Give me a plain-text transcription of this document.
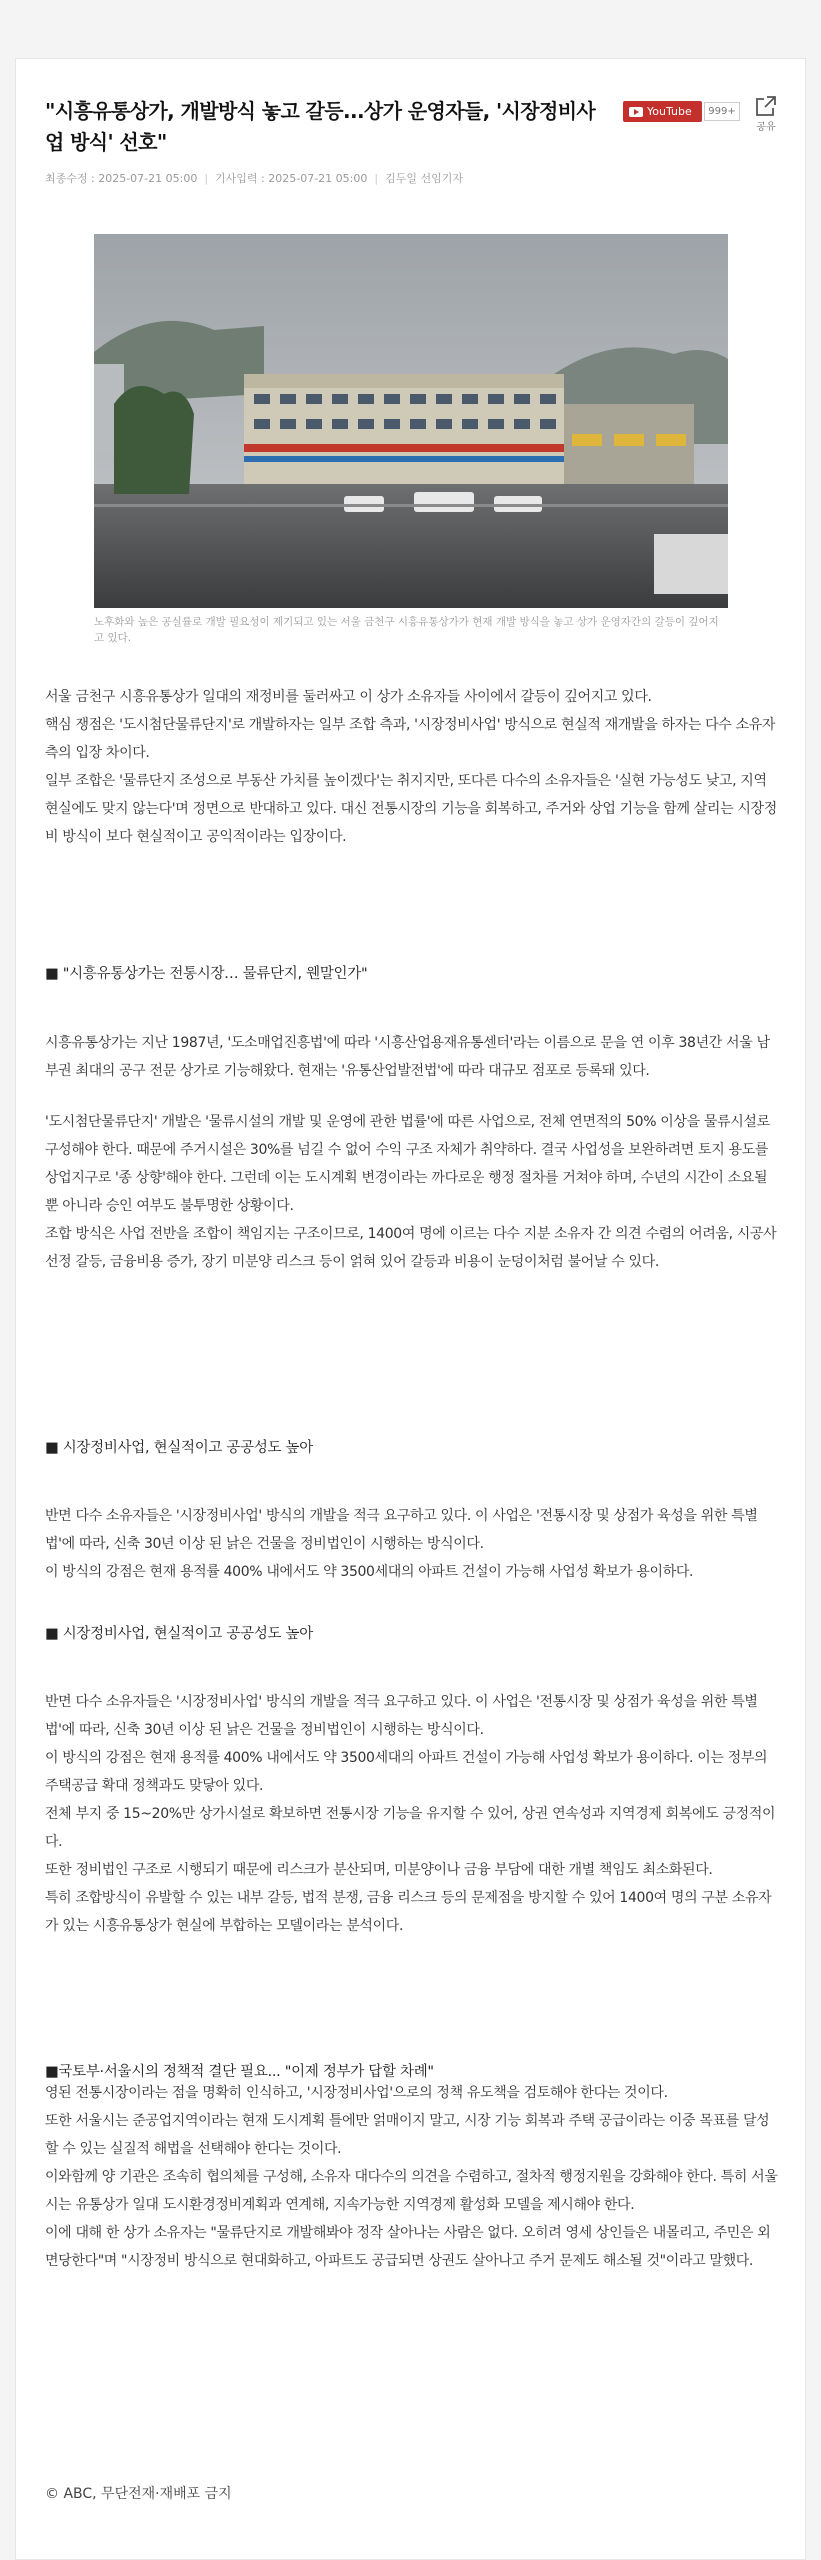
"시흥유통상가, 개발방식 놓고 갈등...상가 운영자들, '시장정비사업 방식' 선호"
최종수정 : 2025-07-21 05:00 | 기사입력 : 2025-07-21 05:00 | 김두일 선임기자
YouTube	999+
공유
노후화와 높은 공실률로 개발 필요성이 제기되고 있는 서울 금천구 시흥유통상가가 현재 개발 방식을 놓고 상가 운영자간의 갈등이 깊어지고 있다.

서울 금천구 시흥유통상가 일대의 재정비를 둘러싸고 이 상가 소유자들 사이에서 갈등이 깊어지고 있다.

핵심 쟁점은 '도시첨단물류단지'로 개발하자는 일부 조합 측과, '시장정비사업' 방식으로 현실적 재개발을 하자는 다수 소유자 측의 입장 차이다.

일부 조합은 '물류단지 조성으로 부동산 가치를 높이겠다'는 취지지만, 또다른 다수의 소유자들은 '실현 가능성도 낮고, 지역 현실에도 맞지 않는다'며 정면으로 반대하고 있다. 대신 전통시장의 기능을 회복하고, 주거와 상업 기능을 함께 살리는 시장정비 방식이 보다 현실적이고 공익적이라는 입장이다.

■ "시흥유통상가는 전통시장… 물류단지, 웬말인가"

시흥유통상가는 지난 1987년, '도소매업진흥법'에 따라 '시흥산업용재유통센터'라는 이름으로 문을 연 이후 38년간 서울 남부권 최대의 공구 전문 상가로 기능해왔다. 현재는 '유통산업발전법'에 따라 대규모 점포로 등록돼 있다.

'도시첨단물류단지' 개발은 '물류시설의 개발 및 운영에 관한 법률'에 따른 사업으로, 전체 연면적의 50% 이상을 물류시설로 구성해야 한다. 때문에 주거시설은 30%를 넘길 수 없어 수익 구조 자체가 취약하다. 결국 사업성을 보완하려면 토지 용도를 상업지구로 '종 상향'해야 한다. 그런데 이는 도시계획 변경이라는 까다로운 행정 절차를 거쳐야 하며, 수년의 시간이 소요될 뿐 아니라 승인 여부도 불투명한 상황이다.

조합 방식은 사업 전반을 조합이 책임지는 구조이므로, 1400여 명에 이르는 다수 지분 소유자 간 의견 수렴의 어려움, 시공사 선정 갈등, 금융비용 증가, 장기 미분양 리스크 등이 얽혀 있어 갈등과 비용이 눈덩이처럼 불어날 수 있다.

■ 시장정비사업, 현실적이고 공공성도 높아

반면 다수 소유자들은 '시장정비사업' 방식의 개발을 적극 요구하고 있다. 이 사업은 '전통시장 및 상점가 육성을 위한 특별법'에 따라, 신축 30년 이상 된 낡은 건물을 정비법인이 시행하는 방식이다.

이 방식의 강점은 현재 용적률 400% 내에서도 약 3500세대의 아파트 건설이 가능해 사업성 확보가 용이하다.

■ 시장정비사업, 현실적이고 공공성도 높아

반면 다수 소유자들은 '시장정비사업' 방식의 개발을 적극 요구하고 있다. 이 사업은 '전통시장 및 상점가 육성을 위한 특별법'에 따라, 신축 30년 이상 된 낡은 건물을 정비법인이 시행하는 방식이다.

이 방식의 강점은 현재 용적률 400% 내에서도 약 3500세대의 아파트 건설이 가능해 사업성 확보가 용이하다. 이는 정부의 주택공급 확대 정책과도 맞닿아 있다.

전체 부지 중 15~20%만 상가시설로 확보하면 전통시장 기능을 유지할 수 있어, 상권 연속성과 지역경제 회복에도 긍정적이다.

또한 정비법인 구조로 시행되기 때문에 리스크가 분산되며, 미분양이나 금융 부담에 대한 개별 책임도 최소화된다.

특히 조합방식이 유발할 수 있는 내부 갈등, 법적 분쟁, 금융 리스크 등의 문제점을 방지할 수 있어 1400여 명의 구분 소유자가 있는 시흥유통상가 현실에 부합하는 모델이라는 분석이다.

■국토부·서울시의 정책적 결단 필요... "이제 정부가 답할 차례"

영된 전통시장이라는 점을 명확히 인식하고, '시장정비사업'으로의 정책 유도책을 검토해야 한다는 것이다.

또한 서울시는 준공업지역이라는 현재 도시계획 틀에만 얽매이지 말고, 시장 기능 회복과 주택 공급이라는 이중 목표를 달성할 수 있는 실질적 해법을 선택해야 한다는 것이다.

이와함께 양 기관은 조속히 협의체를 구성해, 소유자 대다수의 의견을 수렴하고, 절차적 행정지원을 강화해야 한다. 특히 서울시는 유통상가 일대 도시환경정비계획과 연계해, 지속가능한 지역경제 활성화 모델을 제시해야 한다.

이에 대해 한 상가 소유자는 "물류단지로 개발해봐야 정작 살아나는 사람은 없다. 오히려 영세 상인들은 내몰리고, 주민은 외면당한다"며 "시장정비 방식으로 현대화하고, 아파트도 공급되면 상권도 살아나고 주거 문제도 해소될 것"이라고 말했다.

© ABC, 무단전재·재배포 금지
